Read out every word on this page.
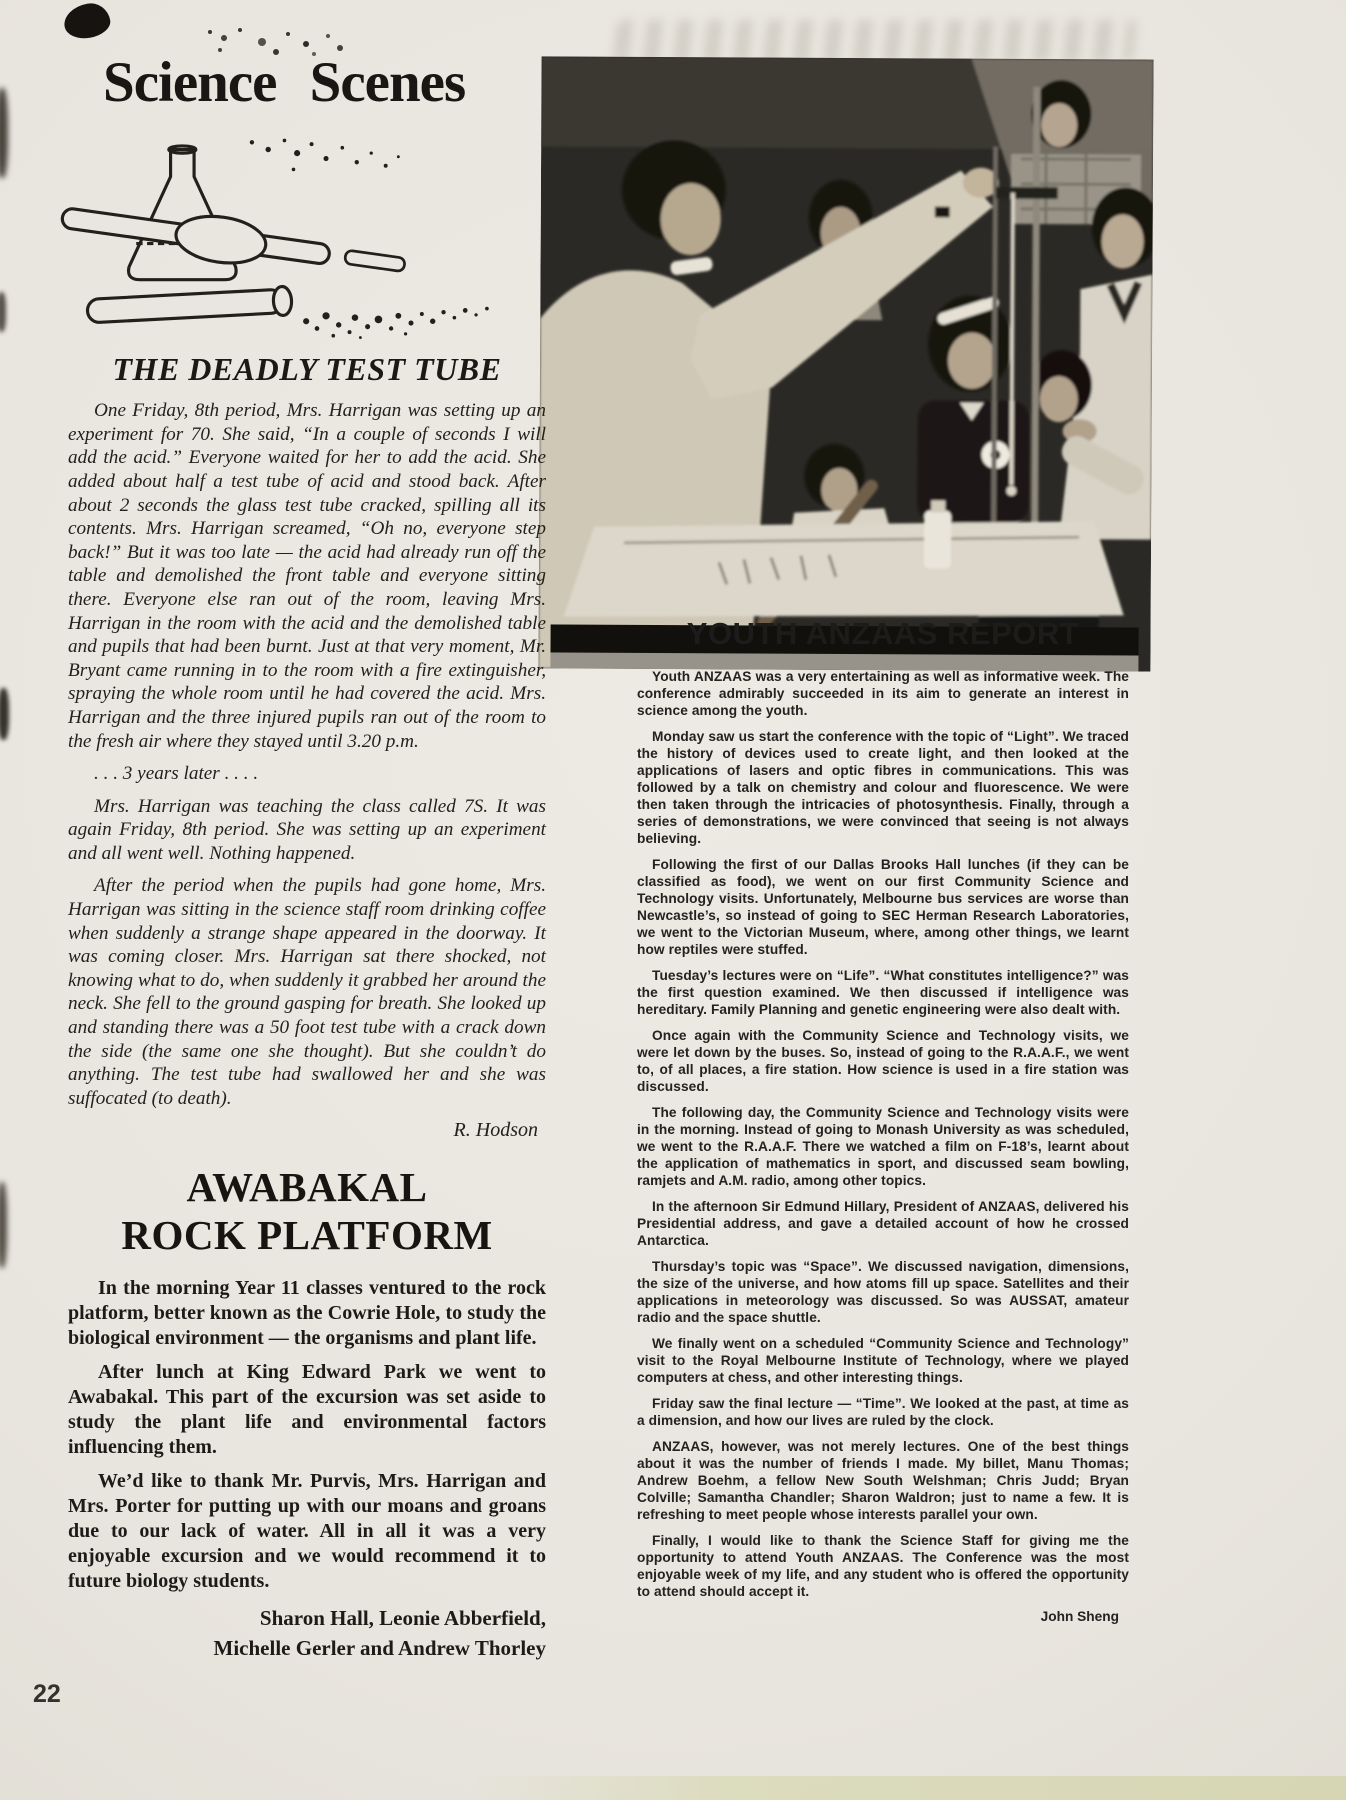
Science Scenes
THE DEADLY TEST TUBE

One Friday, 8th period, Mrs. Harrigan was setting up an experiment for 70. She said, “In a couple of seconds I will add the acid.” Everyone waited for her to add the acid. She added about half a test tube of acid and stood back. After about 2 seconds the glass test tube cracked, spilling all its contents. Mrs. Harrigan screamed, “Oh no, everyone step back!” But it was too late — the acid had already run off the table and demolished the front table and everyone sitting there. Everyone else ran out of the room, leaving Mrs. Harrigan in the room with the acid and the demolished table and pupils that had been burnt. Just at that very moment, Mr. Bryant came running in to the room with a fire extinguisher, spraying the whole room until he had covered the acid. Mrs. Harrigan and the three injured pupils ran out of the room to the fresh air where they stayed until 3.20 p.m.

. . . 3 years later . . . .

Mrs. Harrigan was teaching the class called 7S. It was again Friday, 8th period. She was setting up an experiment and all went well. Nothing happened.

After the period when the pupils had gone home, Mrs. Harrigan was sitting in the science staff room drinking coffee when suddenly a strange shape appeared in the doorway. It was coming closer. Mrs. Harrigan sat there shocked, not knowing what to do, when suddenly it grabbed her around the neck. She fell to the ground gasping for breath. She looked up and standing there was a 50 foot test tube with a crack down the side (the same one she thought). But she couldn’t do anything. The test tube had swallowed her and she was suffocated (to death).

R. Hodson

AWABAKAL
ROCK PLATFORM

In the morning Year 11 classes ventured to the rock platform, better known as the Cowrie Hole, to study the biological environment — the organisms and plant life.

After lunch at King Edward Park we went to Awabakal. This part of the excursion was set aside to study the plant life and environmental factors influencing them.

We’d like to thank Mr. Purvis, Mrs. Harrigan and Mrs. Porter for putting up with our moans and groans due to our lack of water. All in all it was a very enjoyable excursion and we would recommend it to future biology students.

Sharon Hall, Leonie Abberfield,
Michelle Gerler and Andrew Thorley

YOUTH ANZAAS REPORT

Youth ANZAAS was a very entertaining as well as informative week. The conference admirably succeeded in its aim to generate an interest in science among the youth.

Monday saw us start the conference with the topic of “Light”. We traced the history of devices used to create light, and then looked at the applications of lasers and optic fibres in communications. This was followed by a talk on chemistry and colour and fluorescence. We were then taken through the intricacies of photosynthesis. Finally, through a series of demonstrations, we were convinced that seeing is not always believing.

Following the first of our Dallas Brooks Hall lunches (if they can be classified as food), we went on our first Community Science and Technology visits. Unfortunately, Melbourne bus services are worse than Newcastle’s, so instead of going to SEC Herman Research Laboratories, we went to the Victorian Museum, where, among other things, we learnt how reptiles were stuffed.

Tuesday’s lectures were on “Life”. “What constitutes intelligence?” was the first question examined. We then discussed if intelligence was hereditary. Family Planning and genetic engineering were also dealt with.

Once again with the Community Science and Technology visits, we were let down by the buses. So, instead of going to the R.A.A.F., we went to, of all places, a fire station. How science is used in a fire station was discussed.

The following day, the Community Science and Technology visits were in the morning. Instead of going to Monash University as was scheduled, we went to the R.A.A.F. There we watched a film on F-18’s, learnt about the application of mathematics in sport, and discussed seam bowling, ramjets and A.M. radio, among other topics.

In the afternoon Sir Edmund Hillary, President of ANZAAS, delivered his Presidential address, and gave a detailed account of how he crossed Antarctica.

Thursday’s topic was “Space”. We discussed navigation, dimensions, the size of the universe, and how atoms fill up space. Satellites and their applications in meteorology was discussed. So was AUSSAT, amateur radio and the space shuttle.

We finally went on a scheduled “Community Science and Technology” visit to the Royal Melbourne Institute of Technology, where we played computers at chess, and other interesting things.

Friday saw the final lecture — “Time”. We looked at the past, at time as a dimension, and how our lives are ruled by the clock.

ANZAAS, however, was not merely lectures. One of the best things about it was the number of friends I made. My billet, Manu Thomas; Andrew Boehm, a fellow New South Welshman; Chris Judd; Bryan Colville; Samantha Chandler; Sharon Waldron; just to name a few. It is refreshing to meet people whose interests parallel your own.

Finally, I would like to thank the Science Staff for giving me the opportunity to attend Youth ANZAAS. The Conference was the most enjoyable week of my life, and any student who is offered the opportunity to attend should accept it.

John Sheng

22
